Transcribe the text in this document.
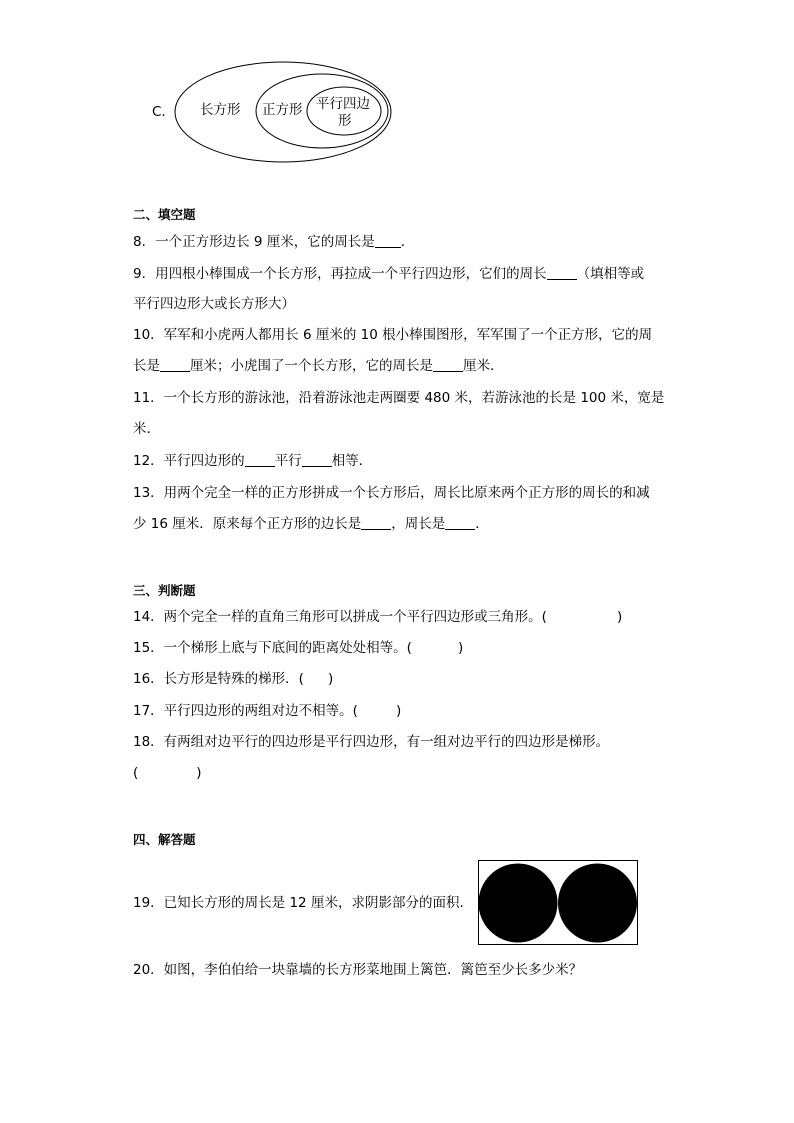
C． 长方形 正方形 平行四边
形
二、填空题
8．一个正方形边长 9 厘米，它的周长是 ．
9．用四根小棒围成一个长方形，再拉成一个平行四边形，它们的周长 （填相等或
平行四边形大或长方形大）
10．军军和小虎两人都用长 6 厘米的 10 根小棒围图形，军军围了一个正方形，它的周
长是 厘米；小虎围了一个长方形，它的周长是 厘米．
11．一个长方形的游泳池，沿着游泳池走两圈要 480 米，若游泳池的长是 100 米，宽是
米．
12．平行四边形的 平行 相等．
13．用两个完全一样的正方形拼成一个长方形后，周长比原来两个正方形的周长的和减
少 16 厘米．原来每个正方形的边长是 ，周长是 ．
三、判断题
14．两个完全一样的直角三角形可以拼成一个平行四边形或三角形。(	)
15．一个梯形上底与下底间的距离处处相等。(	)
16．长方形是特殊的梯形．( )
17．平行四边形的两组对边不相等。(	)
18．有两组对边平行的四边形是平行四边形，有一组对边平行的四边形是梯形。
(	)
四、解答题
19．已知长方形的周长是 12 厘米，求阴影部分的面积．
20．如图，李伯伯给一块靠墙的长方形菜地围上篱笆．篱笆至少长多少米？
